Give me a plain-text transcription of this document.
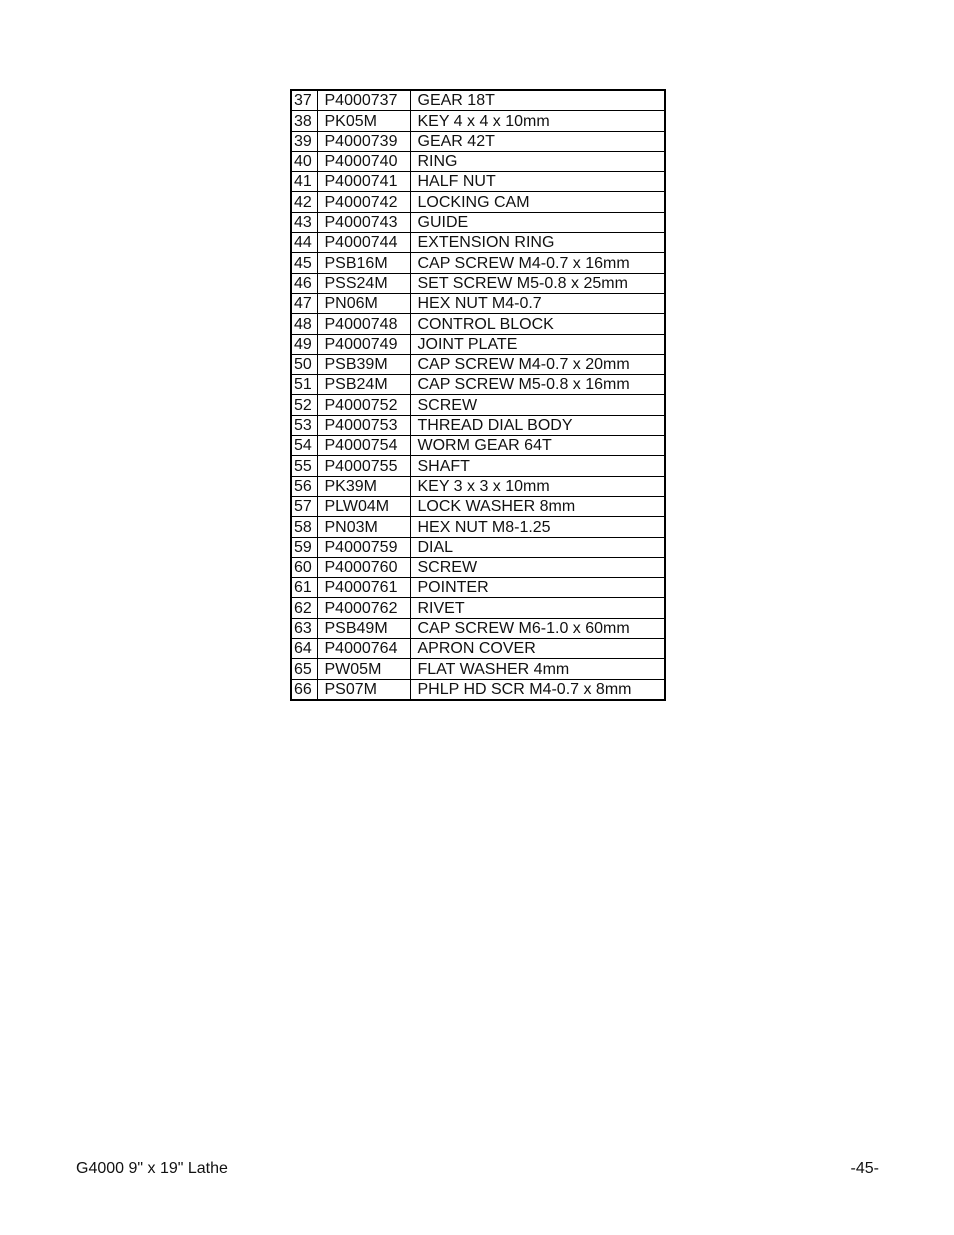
37	P4000737	GEAR 18T
38	PK05M	KEY 4 x 4 x 10mm
39	P4000739	GEAR 42T
40	P4000740	RING
41	P4000741	HALF NUT
42	P4000742	LOCKING CAM
43	P4000743	GUIDE
44	P4000744	EXTENSION RING
45	PSB16M	CAP SCREW M4-0.7 x 16mm
46	PSS24M	SET SCREW M5-0.8 x 25mm
47	PN06M	HEX NUT M4-0.7
48	P4000748	CONTROL BLOCK
49	P4000749	JOINT PLATE
50	PSB39M	CAP SCREW M4-0.7 x 20mm
51	PSB24M	CAP SCREW M5-0.8 x 16mm
52	P4000752	SCREW
53	P4000753	THREAD DIAL BODY
54	P4000754	WORM GEAR 64T
55	P4000755	SHAFT
56	PK39M	KEY 3 x 3 x 10mm
57	PLW04M	LOCK WASHER 8mm
58	PN03M	HEX NUT M8-1.25
59	P4000759	DIAL
60	P4000760	SCREW
61	P4000761	POINTER
62	P4000762	RIVET
63	PSB49M	CAP SCREW M6-1.0 x 60mm
64	P4000764	APRON COVER
65	PW05M	FLAT WASHER 4mm
66	PS07M	PHLP HD SCR M4-0.7 x 8mm
G4000 9" x 19" Lathe	-45-
